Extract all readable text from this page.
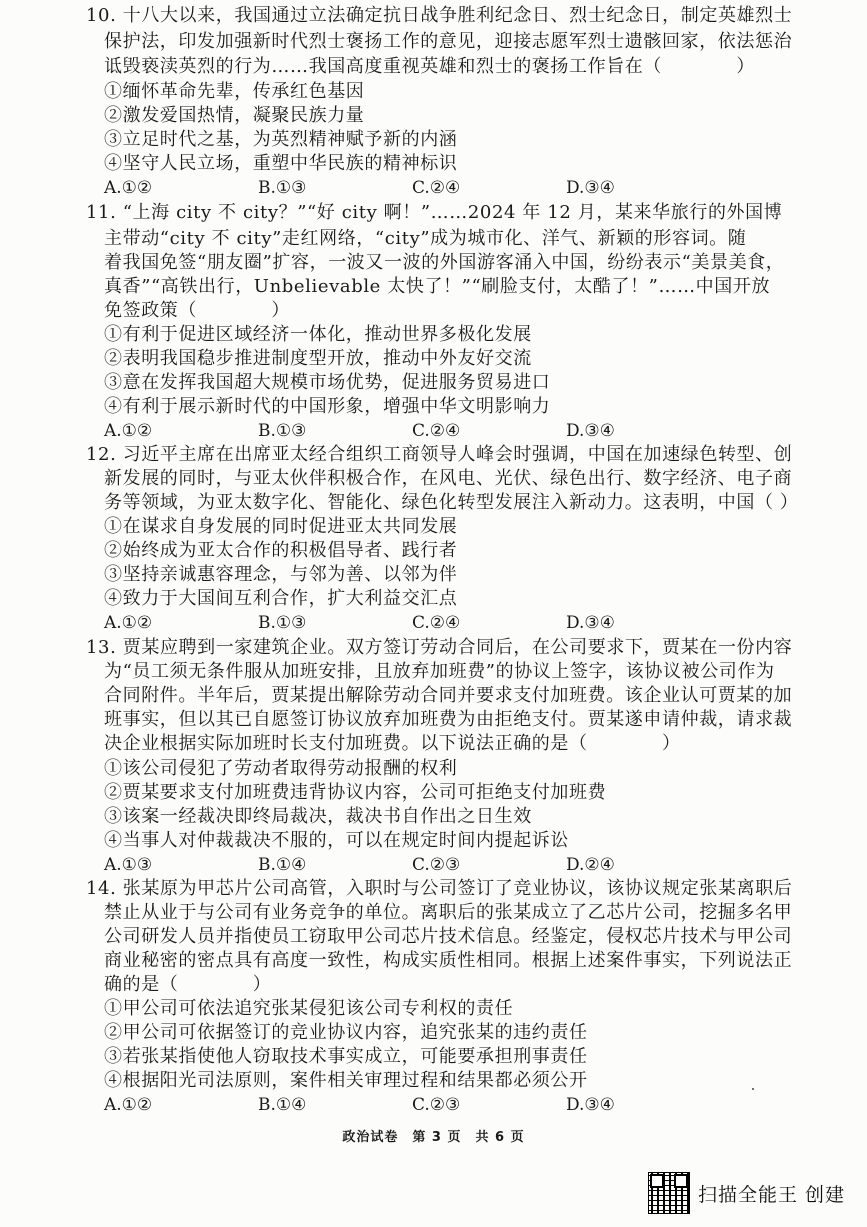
10. 十八大以来，我国通过立法确定抗日战争胜利纪念日、烈士纪念日，制定英雄烈士
保护法，印发加强新时代烈士褒扬工作的意见，迎接志愿军烈士遗骸回家，依法惩治
诋毁亵渎英烈的行为……我国高度重视英雄和烈士的褒扬工作旨在（　　　　）
①缅怀革命先辈，传承红色基因
②激发爱国热情，凝聚民族力量
③立足时代之基，为英烈精神赋予新的内涵
④坚守人民立场，重塑中华民族的精神标识
A.①②	B.①③	C.②④	D.③④
11. “上海 city 不 city？”“好 city 啊！”……2024 年 12 月，某来华旅行的外国博
主带动“city 不 city”走红网络，“city”成为城市化、洋气、新颖的形容词。随
着我国免签“朋友圈”扩容，一波又一波的外国游客涌入中国，纷纷表示“美景美食，
真香”“高铁出行，Unbelievable 太快了！”“刷脸支付，太酷了！”……中国开放
免签政策（　　　　）
①有利于促进区域经济一体化，推动世界多极化发展
②表明我国稳步推进制度型开放，推动中外友好交流
③意在发挥我国超大规模市场优势，促进服务贸易进口
④有利于展示新时代的中国形象，增强中华文明影响力
A.①②	B.①③	C.②④	D.③④
12. 习近平主席在出席亚太经合组织工商领导人峰会时强调，中国在加速绿色转型、创
新发展的同时，与亚太伙伴积极合作，在风电、光伏、绿色出行、数字经济、电子商
务等领域，为亚太数字化、智能化、绿色化转型发展注入新动力。这表明，中国（ ）
①在谋求自身发展的同时促进亚太共同发展
②始终成为亚太合作的积极倡导者、践行者
③坚持亲诚惠容理念，与邻为善、以邻为伴
④致力于大国间互利合作，扩大利益交汇点
A.①②	B.①③	C.②④	D.③④
13. 贾某应聘到一家建筑企业。双方签订劳动合同后，在公司要求下，贾某在一份内容
为“员工须无条件服从加班安排，且放弃加班费”的协议上签字，该协议被公司作为
合同附件。半年后，贾某提出解除劳动合同并要求支付加班费。该企业认可贾某的加
班事实，但以其已自愿签订协议放弃加班费为由拒绝支付。贾某遂申请仲裁，请求裁
决企业根据实际加班时长支付加班费。以下说法正确的是（　　　　）
①该公司侵犯了劳动者取得劳动报酬的权利
②贾某要求支付加班费违背协议内容，公司可拒绝支付加班费
③该案一经裁决即终局裁决，裁决书自作出之日生效
④当事人对仲裁裁决不服的，可以在规定时间内提起诉讼
A.①③	B.①④	C.②③	D.②④
14. 张某原为甲芯片公司高管，入职时与公司签订了竞业协议，该协议规定张某离职后
禁止从业于与公司有业务竞争的单位。离职后的张某成立了乙芯片公司，挖掘多名甲
公司研发人员并指使员工窃取甲公司芯片技术信息。经鉴定，侵权芯片技术与甲公司
商业秘密的密点具有高度一致性，构成实质性相同。根据上述案件事实，下列说法正
确的是（　　　　）
①甲公司可依法追究张某侵犯该公司专利权的责任
②甲公司可依据签订的竞业协议内容，追究张某的违约责任
③若张某指使他人窃取技术事实成立，可能要承担刑事责任
④根据阳光司法原则，案件相关审理过程和结果都必须公开
A.①②	B.①④	C.②③	D.③④
政治试卷　第 3 页　共 6 页
扫描全能王 创建
